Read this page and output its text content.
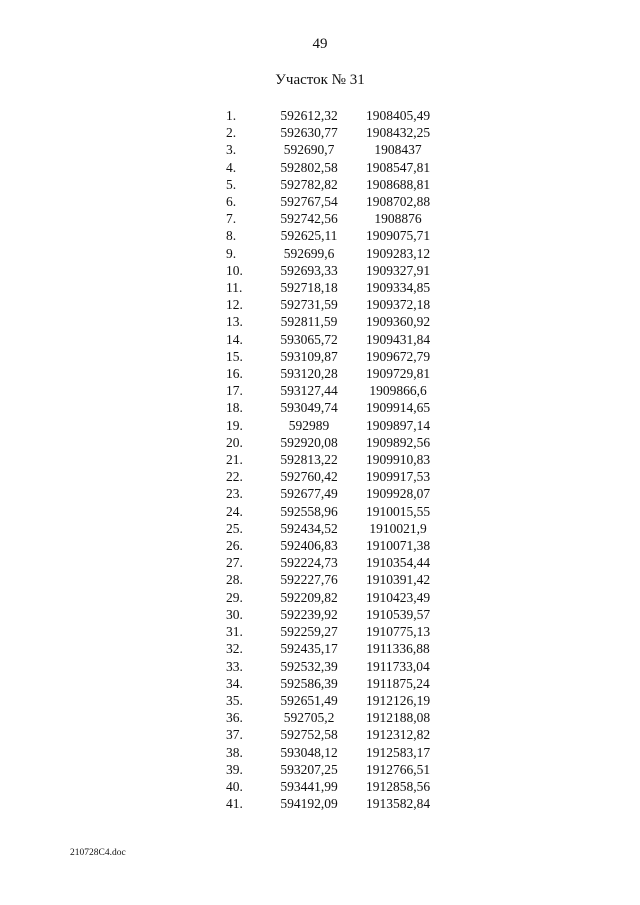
49
Участок № 31
1.	592612,32	1908405,49
2.	592630,77	1908432,25
3.	592690,7	1908437
4.	592802,58	1908547,81
5.	592782,82	1908688,81
6.	592767,54	1908702,88
7.	592742,56	1908876
8.	592625,11	1909075,71
9.	592699,6	1909283,12
10.	592693,33	1909327,91
11.	592718,18	1909334,85
12.	592731,59	1909372,18
13.	592811,59	1909360,92
14.	593065,72	1909431,84
15.	593109,87	1909672,79
16.	593120,28	1909729,81
17.	593127,44	1909866,6
18.	593049,74	1909914,65
19.	592989	1909897,14
20.	592920,08	1909892,56
21.	592813,22	1909910,83
22.	592760,42	1909917,53
23.	592677,49	1909928,07
24.	592558,96	1910015,55
25.	592434,52	1910021,9
26.	592406,83	1910071,38
27.	592224,73	1910354,44
28.	592227,76	1910391,42
29.	592209,82	1910423,49
30.	592239,92	1910539,57
31.	592259,27	1910775,13
32.	592435,17	1911336,88
33.	592532,39	1911733,04
34.	592586,39	1911875,24
35.	592651,49	1912126,19
36.	592705,2	1912188,08
37.	592752,58	1912312,82
38.	593048,12	1912583,17
39.	593207,25	1912766,51
40.	593441,99	1912858,56
41.	594192,09	1913582,84
210728С4.doc
